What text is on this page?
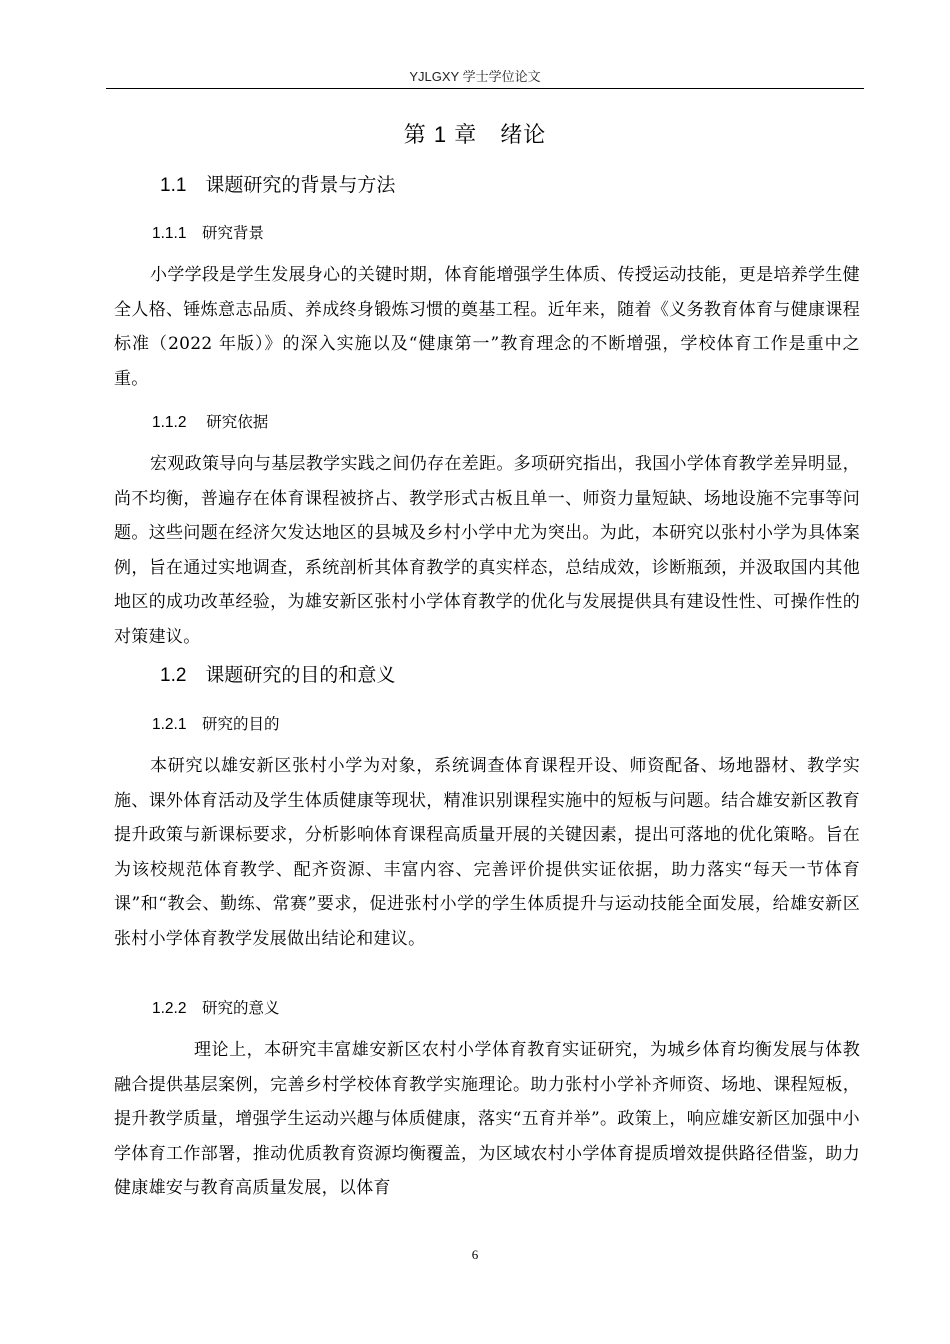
YJLGXY 学士学位论文
第 1 章　绪论
1.1　课题研究的背景与方法
1.1.1　研究背景
小学学段是学生发展身心的关键时期，体育能增强学生体质、传授运动技能，更是培养学生健全人格、锤炼意志品质、养成终身锻炼习惯的奠基工程。近年来，随着《义务教育体育与健康课程标准（2022 年版）》的深入实施以及“健康第一”教育理念的不断增强，学校体育工作是重中之重。
1.1.2　 研究依据
宏观政策导向与基层教学实践之间仍存在差距。多项研究指出，我国小学体育教学差异明显，尚不均衡，普遍存在体育课程被挤占、教学形式古板且单一、师资力量短缺、场地设施不完事等问题。这些问题在经济欠发达地区的县城及乡村小学中尤为突出。为此，本研究以张村小学为具体案例，旨在通过实地调查，系统剖析其体育教学的真实样态，总结成效，诊断瓶颈，并汲取国内其他地区的成功改革经验，为雄安新区张村小学体育教学的优化与发展提供具有建设性性、可操作性的对策建议。
1.2　课题研究的目的和意义
1.2.1　研究的目的
本研究以雄安新区张村小学为对象，系统调查体育课程开设、师资配备、场地器材、教学实施、课外体育活动及学生体质健康等现状，精准识别课程实施中的短板与问题。结合雄安新区教育提升政策与新课标要求，分析影响体育课程高质量开展的关键因素，提出可落地的优化策略。旨在为该校规范体育教学、配齐资源、丰富内容、完善评价提供实证依据，助力落实“每天一节体育课”和“教会、勤练、常赛”要求，促进张村小学的学生体质提升与运动技能全面发展，给雄安新区张村小学体育教学发展做出结论和建议。
1.2.2　研究的意义
理论上，本研究丰富雄安新区农村小学体育教育实证研究，为城乡体育均衡发展与体教融合提供基层案例，完善乡村学校体育教学实施理论。助力张村小学补齐师资、场地、课程短板，提升教学质量，增强学生运动兴趣与体质健康，落实“五育并举”。政策上，响应雄安新区加强中小学体育工作部署，推动优质教育资源均衡覆盖，为区域农村小学体育提质增效提供路径借鉴，助力健康雄安与教育高质量发展，以体育
6
